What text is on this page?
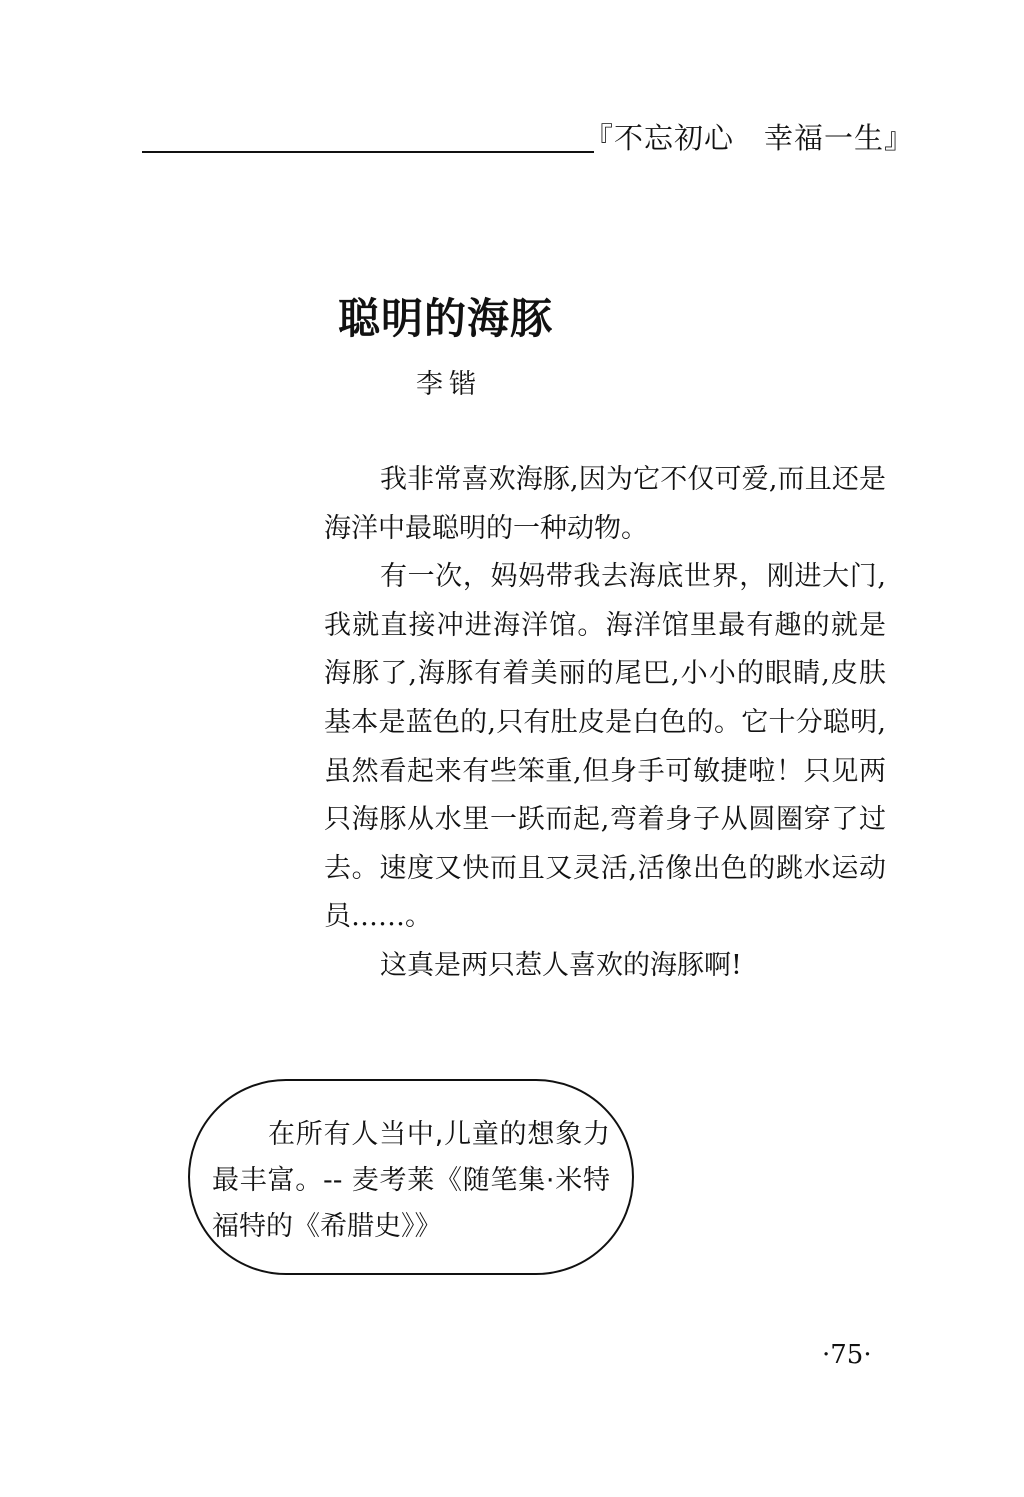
『不忘初心　幸福一生』
聪明的海豚
李锴

我非常喜欢海豚,因为它不仅可爱,而且还是海洋中最聪明的一种动物。

有一次，妈妈带我去海底世界，刚进大门,我就直接冲进海洋馆。海洋馆里最有趣的就是海豚了,海豚有着美丽的尾巴,小小的眼睛,皮肤基本是蓝色的,只有肚皮是白色的。它十分聪明,虽然看起来有些笨重,但身手可敏捷啦！只见两只海豚从水里一跃而起,弯着身子从圆圈穿了过去。速度又快而且又灵活,活像出色的跳水运动员……。

这真是两只惹人喜欢的海豚啊!

在所有人当中,儿童的想象力最丰富。-- 麦考莱《随笔集·米特福特的《希腊史》》

·75·
